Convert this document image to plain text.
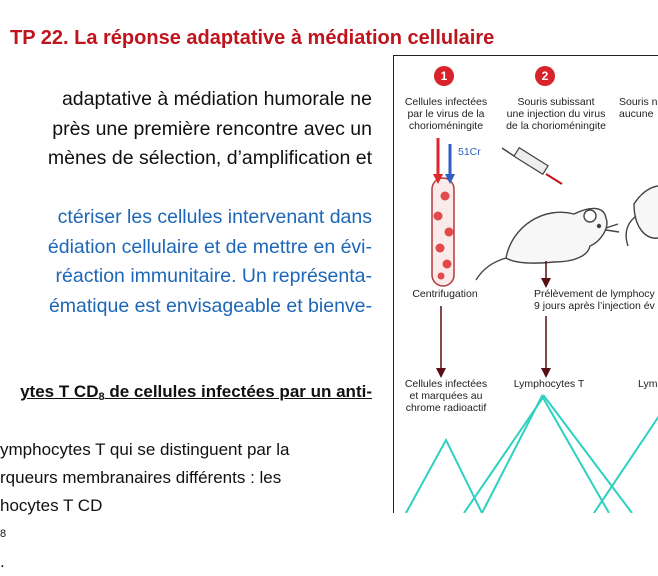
TP 22. La réponse adaptative à médiation cellulaire

adaptative à médiation humorale ne
près une première rencontre avec un
mènes de sélection, d’amplification et

ctériser les cellules intervenant dans
édiation cellulaire et de mettre en évi-
réaction immunitaire. Un représenta-
ématique est envisageable et bienve-

ytes T $CD_8$ de cellules infectées par un anti-
ymphocytes T qui se distinguent par la
rqueurs membranaires différents : les
hocytes T CD
8
.
1	2
Cellules infectées
par le virus de la
chorioméningite
Souris subissant
une injection du virus
de la chorioméningite
Souris n
aucune
51Cr
Centrifugation	Prélèvement de lymphocy
9 jours après l’injection év
Cellules infectées
et marquées au
chrome radioactif
Lymphocytes T	Lym
